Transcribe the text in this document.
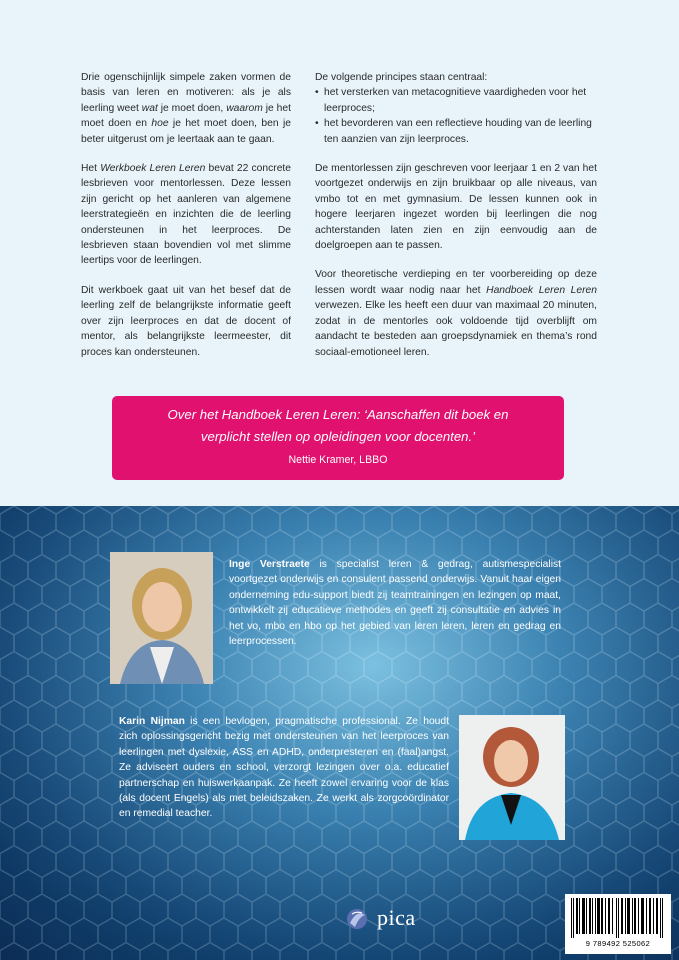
Drie ogenschijnlijk simpele zaken vormen de basis van leren en motiveren: als je als leerling weet wat je moet doen, waarom je het moet doen en hoe je het moet doen, ben je beter uitgerust om je leertaak aan te gaan.

Het Werkboek Leren Leren bevat 22 concrete lesbrieven voor mentorlessen. Deze lessen zijn gericht op het aanleren van algemene leerstrategieën en inzichten die de leerling ondersteunen in het leerproces. De lesbrieven staan bovendien vol met slimme leertips voor de leerlingen.

Dit werkboek gaat uit van het besef dat de leerling zelf de belangrijkste informatie geeft over zijn leerproces en dat de docent of mentor, als belangrijkste leermeester, dit proces kan ondersteunen.

De volgende principes staan centraal:

• het versterken van metacognitieve vaardigheden voor het leerproces;
• het bevorderen van een reflectieve houding van de leerling ten aanzien van zijn leerproces.

De mentorlessen zijn geschreven voor leerjaar 1 en 2 van het voortgezet onderwijs en zijn bruikbaar op alle niveaus, van vmbo tot en met gymnasium. De lessen kunnen ook in hogere leerjaren ingezet worden bij leerlingen die nog achterstanden laten zien en zijn eenvoudig aan de doelgroepen aan te passen.

Voor theoretische verdieping en ter voorbereiding op deze lessen wordt waar nodig naar het Handboek Leren Leren verwezen. Elke les heeft een duur van maximaal 20 minuten, zodat in de mentorles ook voldoende tijd overblijft om aandacht te besteden aan groepsdynamiek en thema’s rond sociaal-emotioneel leren.

Over het Handboek Leren Leren: ‘Aanschaffen dit boek en
verplicht stellen op opleidingen voor docenten.’
Nettie Kramer, LBBO
Inge Verstraete is specialist leren & gedrag, autismespecialist voortgezet onderwijs en consulent passend onderwijs. Vanuit haar eigen onderneming edu-support biedt zij teamtrainingen en lezingen op maat, ontwikkelt zij educatieve methodes en geeft zij consultatie en advies in het vo, mbo en hbo op het gebied van leren leren, leren en gedrag en leerprocessen.
Karin Nijman is een bevlogen, pragmatische professional. Ze houdt zich oplossingsgericht bezig met ondersteunen van het leerproces van leerlingen met dyslexie, ASS en ADHD, onderpresteren en (faal)angst. Ze adviseert ouders en school, verzorgt lezingen over o.a. educatief partnerschap en huiswerkaanpak. Ze heeft zowel ervaring voor de klas (als docent Engels) als met beleidszaken. Ze werkt als zorgcoördinator en remedial teacher.
pica
9 789492 525062
